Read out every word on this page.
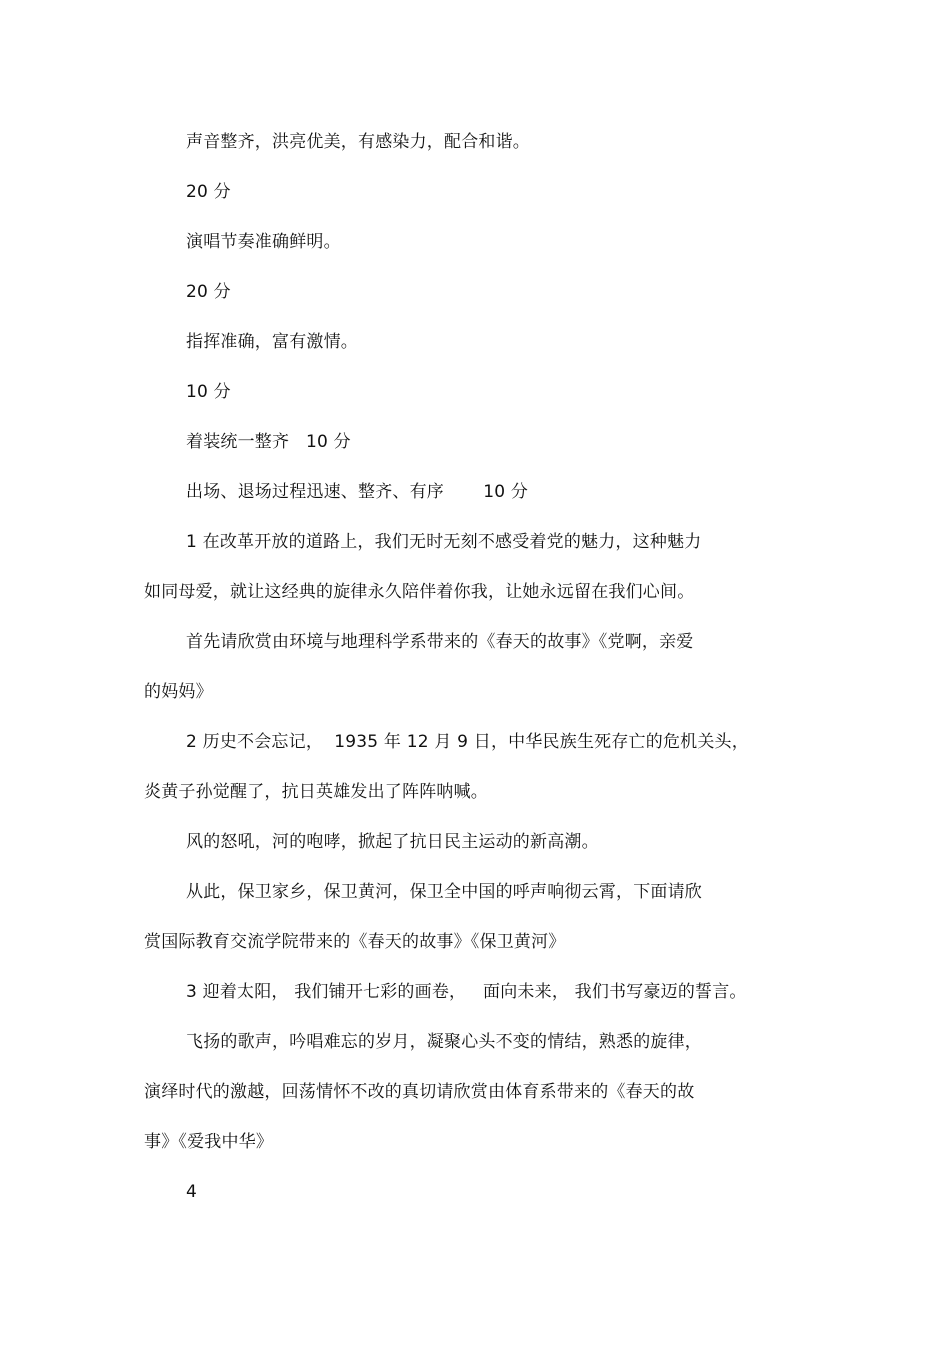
声音整齐，洪亮优美，有感染力，配合和谐。
20 分
演唱节奏准确鲜明。
20 分
指挥准确，富有激情。
10 分
着装统一整齐   10 分
出场、退场过程迅速、整齐、有序       10 分
1 在改革开放的道路上，我们无时无刻不感受着党的魅力，这种魅力
如同母爱，就让这经典的旋律永久陪伴着你我，让她永远留在我们心间。
首先请欣赏由环境与地理科学系带来的《春天的故事》《党啊，亲爱
的妈妈》
2 历史不会忘记，  1935 年 12 月 9 日，中华民族生死存亡的危机关头，
炎黄子孙觉醒了，抗日英雄发出了阵阵呐喊。
风的怒吼，河的咆哮，掀起了抗日民主运动的新高潮。
从此，保卫家乡，保卫黄河，保卫全中国的呼声响彻云霄，下面请欣
赏国际教育交流学院带来的《春天的故事》《保卫黄河》
3 迎着太阳， 我们铺开七彩的画卷，   面向未来， 我们书写豪迈的誓言。
飞扬的歌声，吟唱难忘的岁月，凝聚心头不变的情结，熟悉的旋律，
演绎时代的激越，回荡情怀不改的真切请欣赏由体育系带来的《春天的故
事》《爱我中华》
4
